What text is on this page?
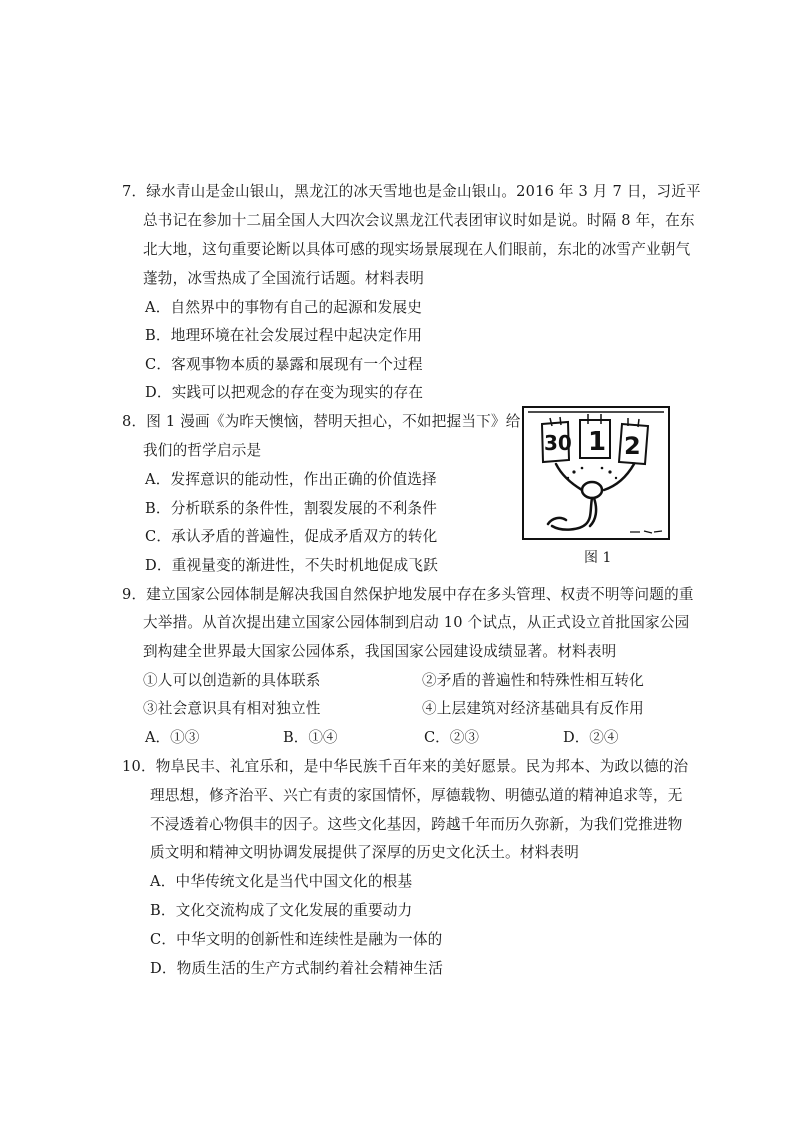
7．绿水青山是金山银山，黑龙江的冰天雪地也是金山银山。2016 年 3 月 7 日，习近平
总书记在参加十二届全国人大四次会议黑龙江代表团审议时如是说。时隔 8 年，在东
北大地，这句重要论断以具体可感的现实场景展现在人们眼前，东北的冰雪产业朝气
蓬勃，冰雪热成了全国流行话题。材料表明
A．自然界中的事物有自己的起源和发展史
B．地理环境在社会发展过程中起决定作用
C．客观事物本质的暴露和展现有一个过程
D．实践可以把观念的存在变为现实的存在
8．图 1 漫画《为昨天懊恼，替明天担心，不如把握当下》给
我们的哲学启示是
A．发挥意识的能动性，作出正确的价值选择
B．分析联系的条件性，割裂发展的不利条件
C．承认矛盾的普遍性，促成矛盾双方的转化
D．重视量变的渐进性，不失时机地促成飞跃
30 1 2
图 1
9．建立国家公园体制是解决我国自然保护地发展中存在多头管理、权责不明等问题的重
大举措。从首次提出建立国家公园体制到启动 10 个试点，从正式设立首批国家公园
到构建全世界最大国家公园体系，我国国家公园建设成绩显著。材料表明
①人可以创造新的具体联系	②矛盾的普遍性和特殊性相互转化
③社会意识具有相对独立性	④上层建筑对经济基础具有反作用
A．①③	B．①④	C．②③	D．②④
10．物阜民丰、礼宜乐和，是中华民族千百年来的美好愿景。民为邦本、为政以德的治
理思想，修齐治平、兴亡有责的家国情怀，厚德载物、明德弘道的精神追求等，无
不浸透着心物俱丰的因子。这些文化基因，跨越千年而历久弥新，为我们党推进物
质文明和精神文明协调发展提供了深厚的历史文化沃土。材料表明
A．中华传统文化是当代中国文化的根基
B．文化交流构成了文化发展的重要动力
C．中华文明的创新性和连续性是融为一体的
D．物质生活的生产方式制约着社会精神生活
